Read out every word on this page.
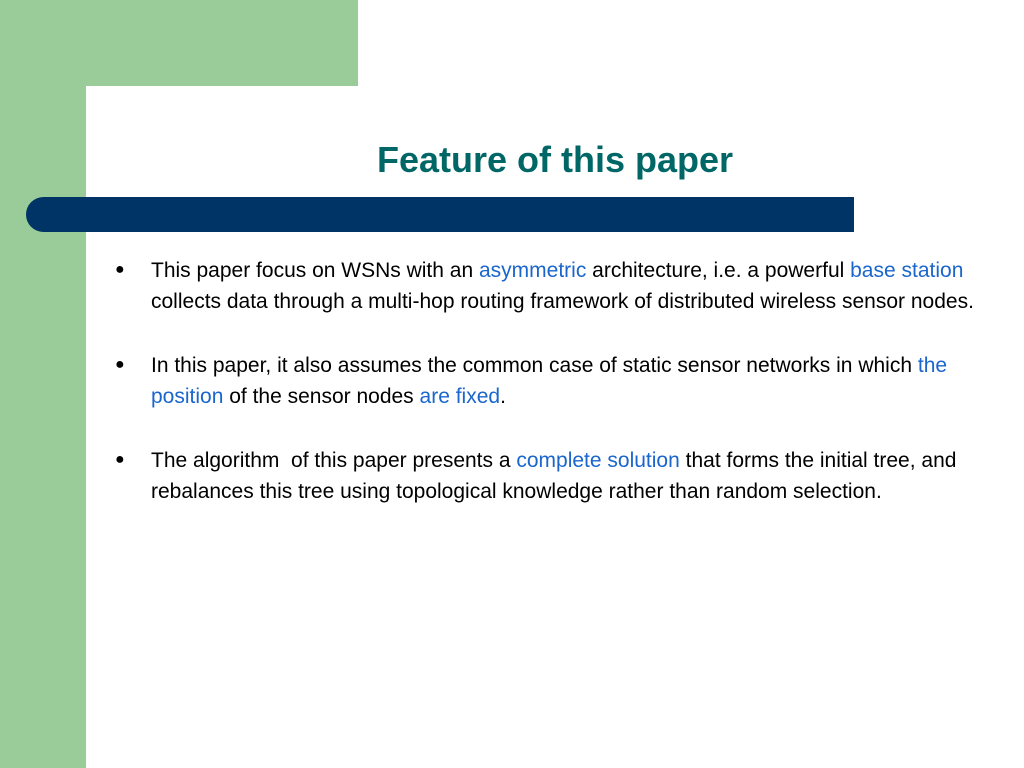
Feature of this paper
● This paper focus on WSNs with an asymmetric architecture, i.e. a powerful base station collects data through a multi-hop routing framework of distributed wireless sensor nodes.
● In this paper, it also assumes the common case of static sensor networks in which the position of the sensor nodes are fixed.
● The algorithm  of this paper presents a complete solution that forms the initial tree, and rebalances this tree using topological knowledge rather than random selection.
